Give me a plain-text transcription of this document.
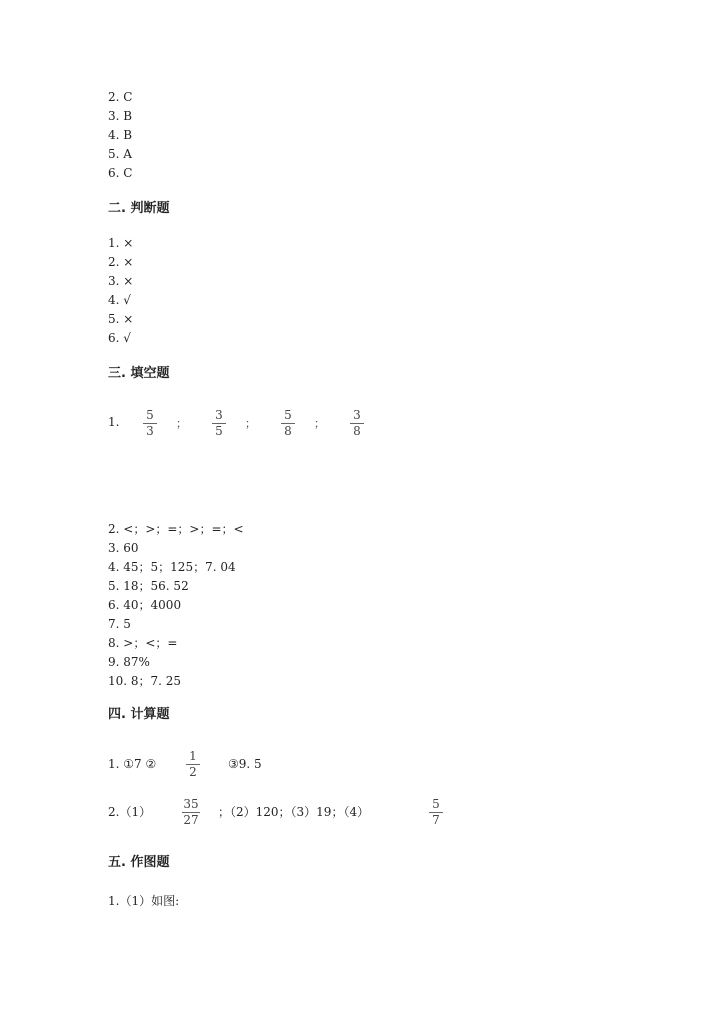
2. C
3. B
4. B
5. A
6. C
二. 判断题
1. ×
2. ×
3. ×
4. √
5. ×
6. √
三. 填空题
1.	5
3
；
3
5
；
5
8
；
3
8
2. <；>；=；>；=；<
3. 60
4. 45；5；125；7. 04
5. 18；56. 52
6. 40；4000
7. 5
8. >；<；=
9. 87%
10. 8；7. 25
四. 计算题
1. ①7 ②
1
2
③9. 5
2.（1）
35
27
；（2）120；（3）19；（4）
5
7
五. 作图题
1.（1）如图:
